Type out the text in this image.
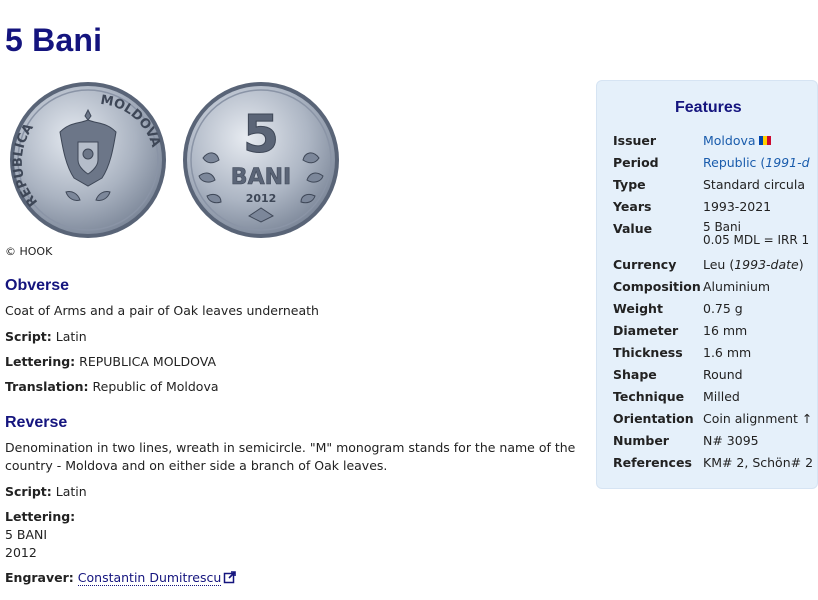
5 Bani
REPUBLICA
MOLDOVA 5
BANI
2012
© HOOK
Obverse
Coat of Arms and a pair of Oak leaves underneath
Script: Latin
Lettering: REPUBLICA MOLDOVA
Translation: Republic of Moldova
Reverse
Denomination in two lines, wreath in semicircle. "M" monogram stands for the name of the
country - Moldova and on either side a branch of Oak leaves.
Script: Latin
Lettering:
5 BANI
2012
Engraver: Constantin Dumitrescu
Features
Issuer	Moldova
Period	Republic (1991-d
Type	Standard circula
Years	1993-2021
Value	5 Bani
0.05 MDL = IRR 1
Currency Leu (1993-date)
Composition Aluminium
Weight	0.75 g
Diameter 16 mm
Thickness 1.6 mm
Shape	Round
Technique Milled
Orientation Coin alignment ↑
Number	N# 3095
References KM# 2, Schön# 2
